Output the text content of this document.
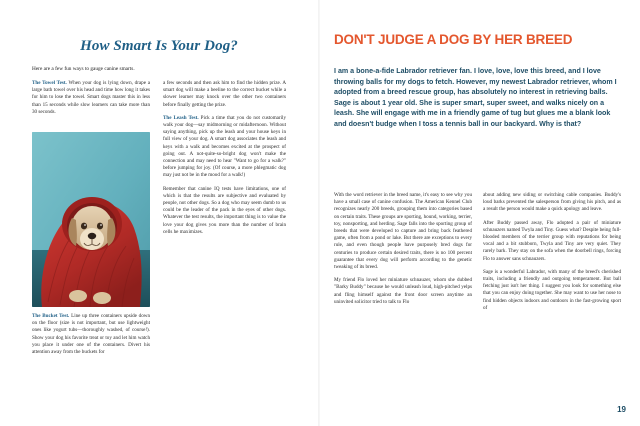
How Smart Is Your Dog?
Here are a few fun ways to gauge canine smarts.

The Towel Test. When your dog is lying down, drape a large bath towel over his head and time how long it takes for him to lose the towel. Smart dogs master this in less than 15 seconds while slow learners can take more than 30 seconds.

The Bucket Test. Line up three containers upside down on the floor (size is not important, but use lightweight ones like yogurt tubs—thoroughly washed, of course!). Show your dog his favorite treat or toy and let him watch you place it under one of the containers. Divert his attention away from the buckets for

a few seconds and then ask him to find the hidden prize. A smart dog will make a beeline to the correct bucket while a slower learner may knock over the other two containers before finally getting the prize.

The Leash Test. Pick a time that you do not customarily walk your dog—say midmorning or midafternoon. Without saying anything, pick up the leash and your house keys in full view of your dog. A smart dog associates the leash and keys with a walk and becomes excited at the prospect of going out. A not-quite-so-bright dog won't make the connection and may need to hear "Want to go for a walk?" before jumping for joy. (Of course, a more phlegmatic dog may just not be in the mood for a walk!)

Remember that canine IQ tests have limitations, one of which is that the results are subjective and evaluated by people, not other dogs. So a dog who may seem dumb to us could be the leader of the pack in the eyes of other dogs. Whatever the test results, the important thing is to value the love your dog gives you more than the number of brain cells he maximizes.

DON'T JUDGE A DOG BY HER BREED
I am a bone-a-fide Labrador retriever fan. I love, love, love this breed, and I love throwing balls for my dogs to fetch. However, my newest Labrador retriever, whom I adopted from a breed rescue group, has absolutely no interest in retrieving balls. Sage is about 1 year old. She is super smart, super sweet, and walks nicely on a leash. She will engage with me in a friendly game of tug but glues me a blank look and doesn't budge when I toss a tennis ball in our backyard. Why is that?

With the word retriever in the breed name, it's easy to see why you have a small case of canine confusion. The American Kennel Club recognizes nearly 200 breeds, grouping them into categories based on certain traits. These groups are sporting, hound, working, terrier, toy, nonsporting, and herding. Sage falls into the sporting group of breeds that were developed to capture and bring back feathered game, often from a pond or lake. But there are exceptions to every rule, and even though people have purposely bred dogs for centuries to produce certain desired traits, there is no 100 percent guarantee that every dog will perform according to the genetic tweaking of its breed.

My friend Flo loved her miniature schnauzer, whom she dubbed "Barky Buddy" because he would unleash loud, high-pitched yelps and fling himself against the front door screen anytime an uninvited solicitor tried to talk to Flo

about adding new siding or switching cable companies. Buddy's loud barks prevented the salesperson from giving his pitch, and as a result the person would make a quick apology and leave.

After Buddy passed away, Flo adopted a pair of miniature schnauzers named Twyla and Tiny. Guess what? Despite being full-blooded members of the terrier group with reputations for being vocal and a bit stubborn, Twyla and Tiny are very quiet. They rarely bark. They stay on the sofa when the doorbell rings, forcing Flo to answer sans schnauzers.

Sage is a wonderful Labrador, with many of the breed's cherished traits, including a friendly and outgoing temperament. But ball fetching just isn't her thing. I suggest you look for something else that you can enjoy doing together. She may want to use her nose to find hidden objects indoors and outdoors in the fast-growing sport of

19
